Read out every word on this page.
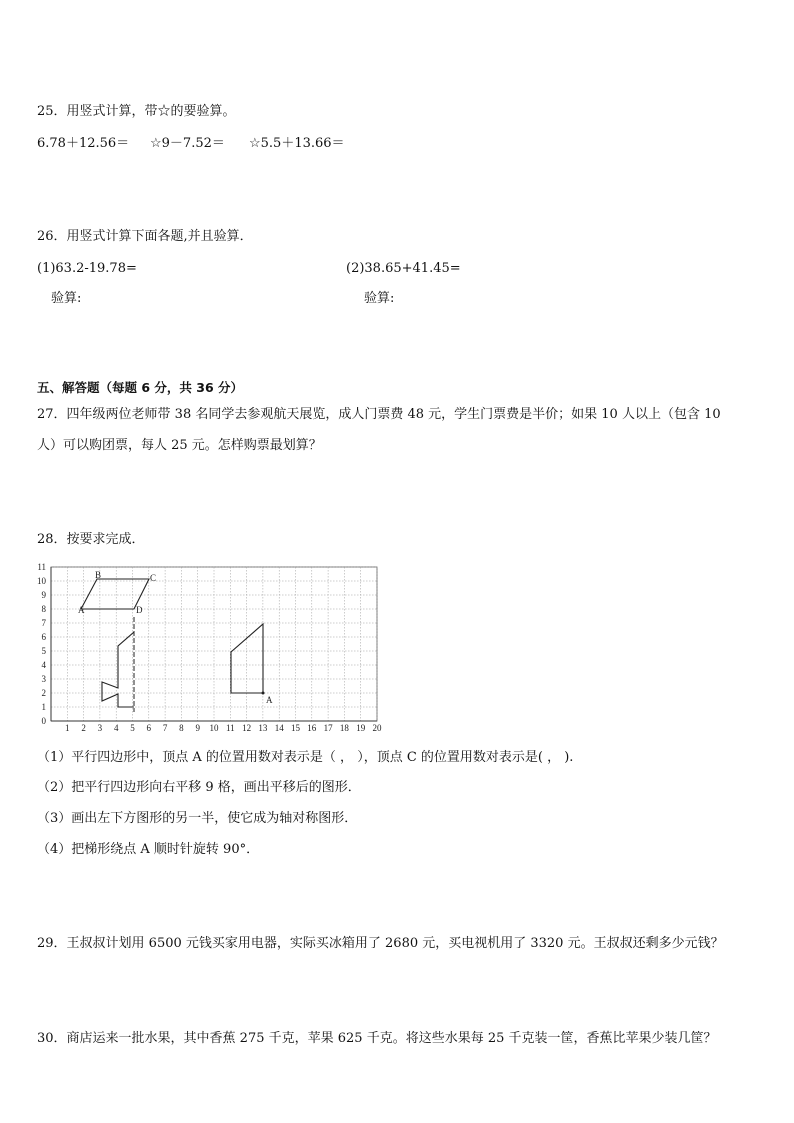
25．用竖式计算，带☆的要验算。
6.78＋12.56＝ ☆9－7.52＝ ☆5.5＋13.66＝
26．用竖式计算下面各题,并且验算．
(1)63.2-19.78=	(2)38.65+41.45=
验算:	验算:
五、解答题（每题 6 分，共 36 分）
27．四年级两位老师带 38 名同学去参观航天展览，成人门票费 48 元，学生门票费是半价；如果 10 人以上（包含 10
人）可以购团票，每人 25 元。怎样购票最划算？
28．按要求完成．
1 2 3 4 5 6 7 8 9 10 11 12 13 14 15 16 17 18 19 20
0
1
2
3
4
5
6
7
8
9
10
11
A
B	C
D
A
（1）平行四边形中，顶点 A 的位置用数对表示是（ ， ），顶点 C 的位置用数对表示是( ， ).
（2）把平行四边形向右平移 9 格，画出平移后的图形．
（3）画出左下方图形的另一半，使它成为轴对称图形．
（4）把梯形绕点 A 顺时针旋转 90°．
29．王叔叔计划用 6500 元钱买家用电器，实际买冰箱用了 2680 元，买电视机用了 3320 元。王叔叔还剩多少元钱？
30．商店运来一批水果，其中香蕉 275 千克，苹果 625 千克。将这些水果每 25 千克装一筐，香蕉比苹果少装几筐？
